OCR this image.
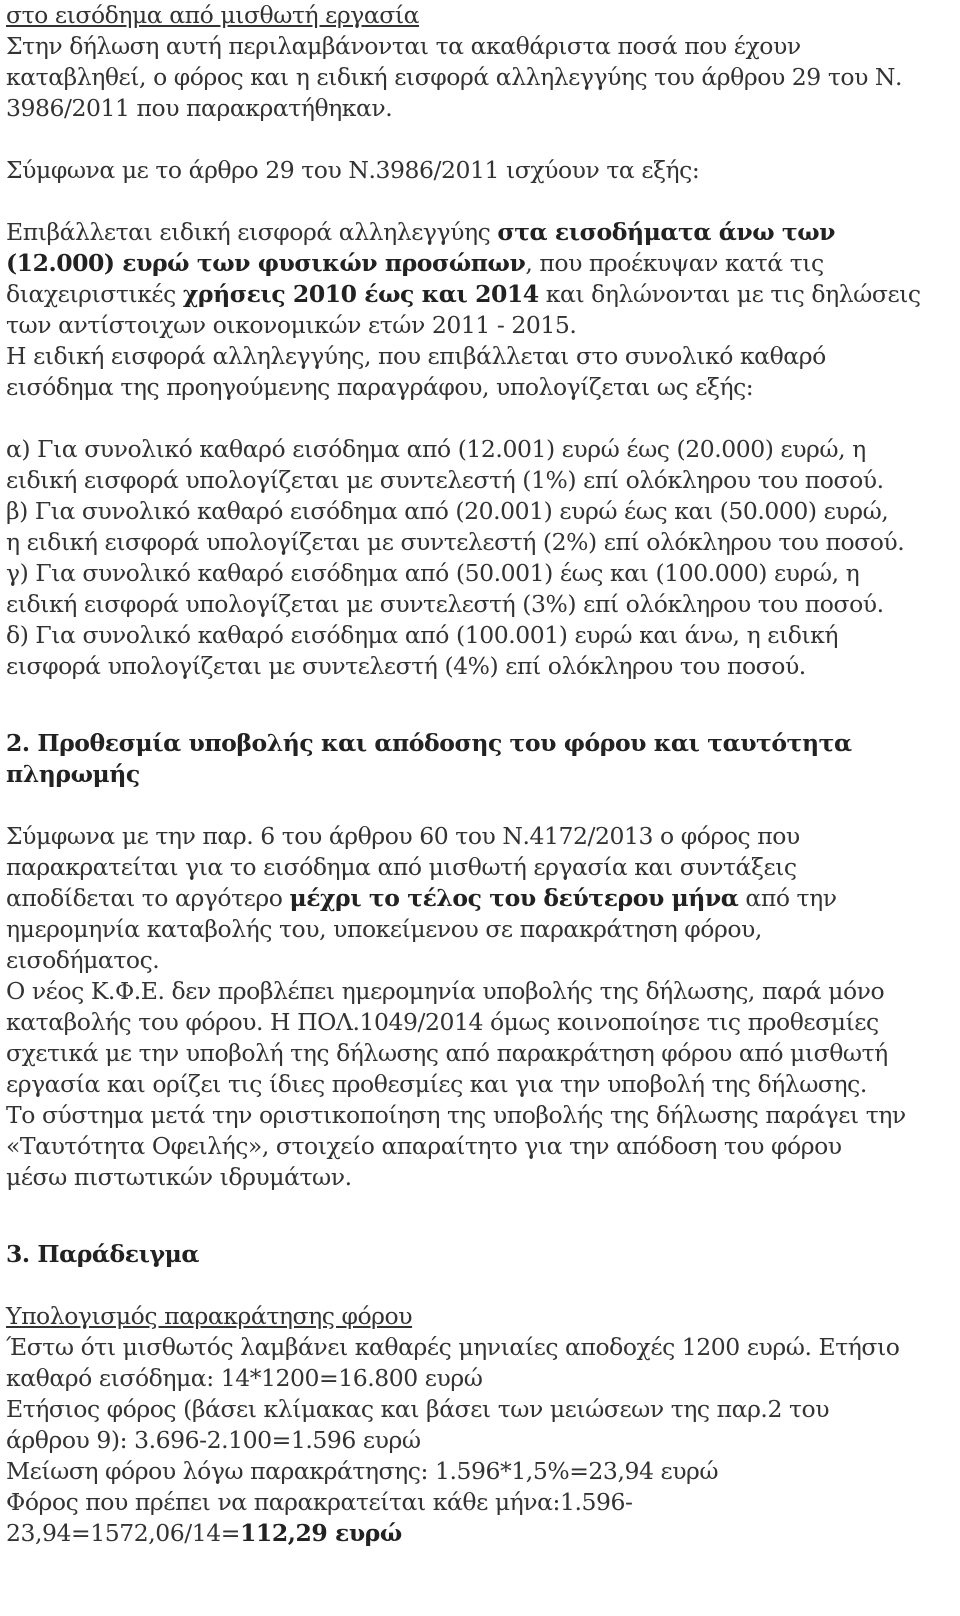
στο εισόδημα από μισθωτή εργασία
Στην δήλωση αυτή περιλαμβάνονται τα ακαθάριστα ποσά που έχουν
καταβληθεί, ο φόρος και η ειδική εισφορά αλληλεγγύης του άρθρου 29 του Ν.
3986/2011 που παρακρατήθηκαν.
Σύμφωνα με το άρθρο 29 του Ν.3986/2011 ισχύουν τα εξής:
Επιβάλλεται ειδική εισφορά αλληλεγγύης στα εισοδήματα άνω των
(12.000) ευρώ των φυσικών προσώπων, που προέκυψαν κατά τις
διαχειριστικές χρήσεις 2010 έως και 2014 και δηλώνονται με τις δηλώσεις
των αντίστοιχων οικονομικών ετών 2011 - 2015.
Η ειδική εισφορά αλληλεγγύης, που επιβάλλεται στο συνολικό καθαρό
εισόδημα της προηγούμενης παραγράφου, υπολογίζεται ως εξής:
α) Για συνολικό καθαρό εισόδημα από (12.001) ευρώ έως (20.000) ευρώ, η
ειδική εισφορά υπολογίζεται με συντελεστή (1%) επί ολόκληρου του ποσού.
β) Για συνολικό καθαρό εισόδημα από (20.001) ευρώ έως και (50.000) ευρώ,
η ειδική εισφορά υπολογίζεται με συντελεστή (2%) επί ολόκληρου του ποσού.
γ) Για συνολικό καθαρό εισόδημα από (50.001) έως και (100.000) ευρώ, η
ειδική εισφορά υπολογίζεται με συντελεστή (3%) επί ολόκληρου του ποσού.
δ) Για συνολικό καθαρό εισόδημα από (100.001) ευρώ και άνω, η ειδική
εισφορά υπολογίζεται με συντελεστή (4%) επί ολόκληρου του ποσού.
2. Προθεσμία υποβολής και απόδοσης του φόρου και ταυτότητα
πληρωμής
Σύμφωνα με την παρ. 6 του άρθρου 60 του Ν.4172/2013 ο φόρος που
παρακρατείται για το εισόδημα από μισθωτή εργασία και συντάξεις
αποδίδεται το αργότερο μέχρι το τέλος του δεύτερου μήνα από την
ημερομηνία καταβολής του, υποκείμενου σε παρακράτηση φόρου,
εισοδήματος.
Ο νέος Κ.Φ.Ε. δεν προβλέπει ημερομηνία υποβολής της δήλωσης, παρά μόνο
καταβολής του φόρου. Η ΠΟΛ.1049/2014 όμως κοινοποίησε τις προθεσμίες
σχετικά με την υποβολή της δήλωσης από παρακράτηση φόρου από μισθωτή
εργασία και ορίζει τις ίδιες προθεσμίες και για την υποβολή της δήλωσης.
Το σύστημα μετά την οριστικοποίηση της υποβολής της δήλωσης παράγει την
«Ταυτότητα Οφειλής», στοιχείο απαραίτητο για την απόδοση του φόρου
μέσω πιστωτικών ιδρυμάτων.
3. Παράδειγμα
Υπολογισμός παρακράτησης φόρου
Έστω ότι μισθωτός λαμβάνει καθαρές μηνιαίες αποδοχές 1200 ευρώ. Ετήσιο
καθαρό εισόδημα: 14*1200=16.800 ευρώ
Ετήσιος φόρος (βάσει κλίμακας και βάσει των μειώσεων της παρ.2 του
άρθρου 9): 3.696-2.100=1.596 ευρώ
Μείωση φόρου λόγω παρακράτησης: 1.596*1,5%=23,94 ευρώ
Φόρος που πρέπει να παρακρατείται κάθε μήνα:1.596-
23,94=1572,06/14=112,29 ευρώ
